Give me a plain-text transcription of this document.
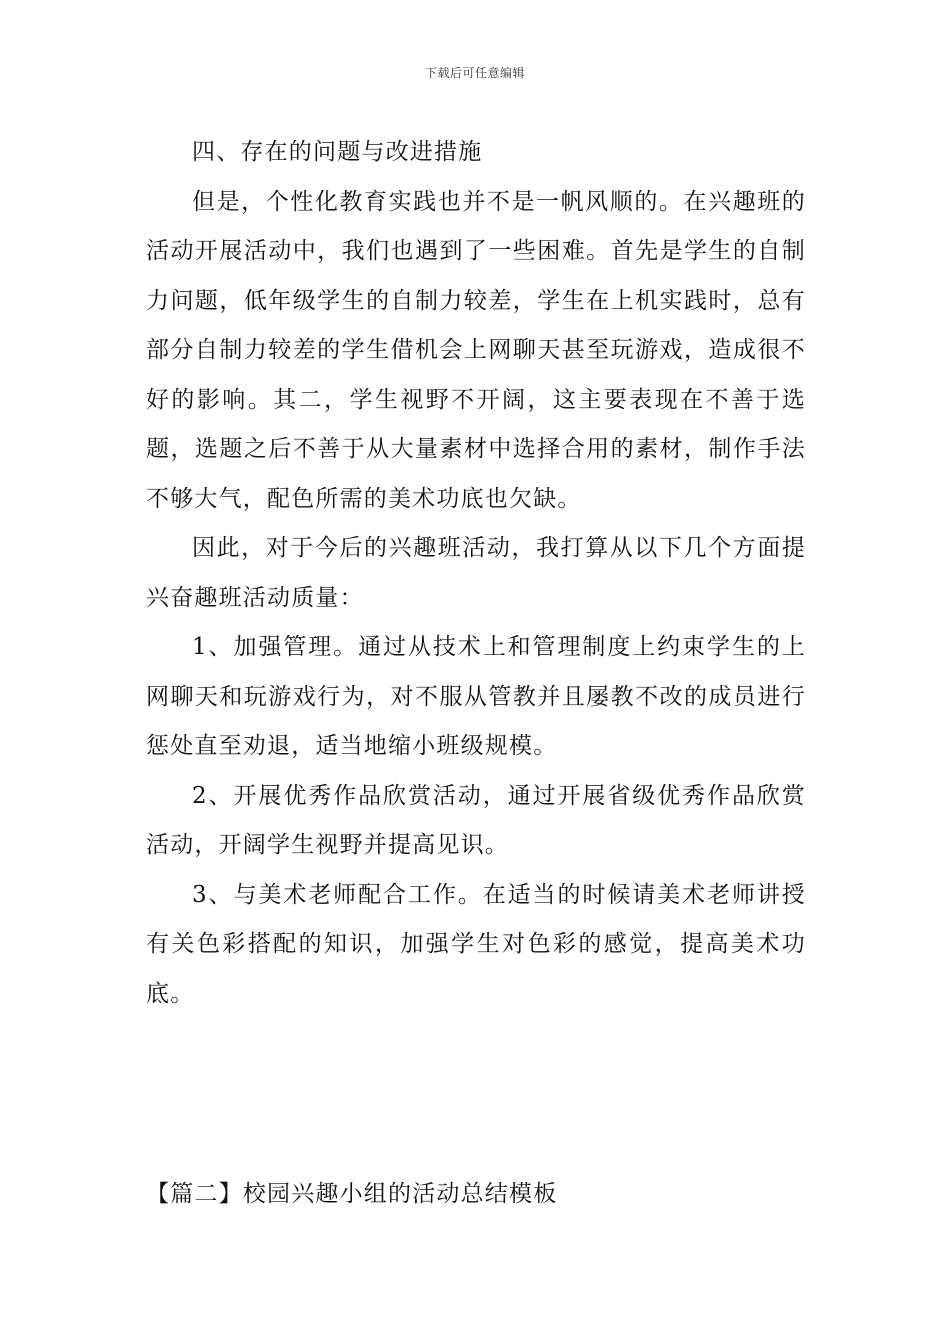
下载后可任意编辑

四、存在的问题与改进措施

但是，个性化教育实践也并不是一帆风顺的。在兴趣班的活动开展活动中，我们也遇到了一些困难。首先是学生的自制力问题，低年级学生的自制力较差，学生在上机实践时，总有部分自制力较差的学生借机会上网聊天甚至玩游戏，造成很不好的影响。其二，学生视野不开阔，这主要表现在不善于选题，选题之后不善于从大量素材中选择合用的素材，制作手法不够大气，配色所需的美术功底也欠缺。

因此，对于今后的兴趣班活动，我打算从以下几个方面提兴奋趣班活动质量：

1、加强管理。通过从技术上和管理制度上约束学生的上网聊天和玩游戏行为，对不服从管教并且屡教不改的成员进行惩处直至劝退，适当地缩小班级规模。

2、开展优秀作品欣赏活动，通过开展省级优秀作品欣赏活动，开阔学生视野并提高见识。

3、与美术老师配合工作。在适当的时候请美术老师讲授有关色彩搭配的知识，加强学生对色彩的感觉，提高美术功底。

【篇二】校园兴趣小组的活动总结模板
